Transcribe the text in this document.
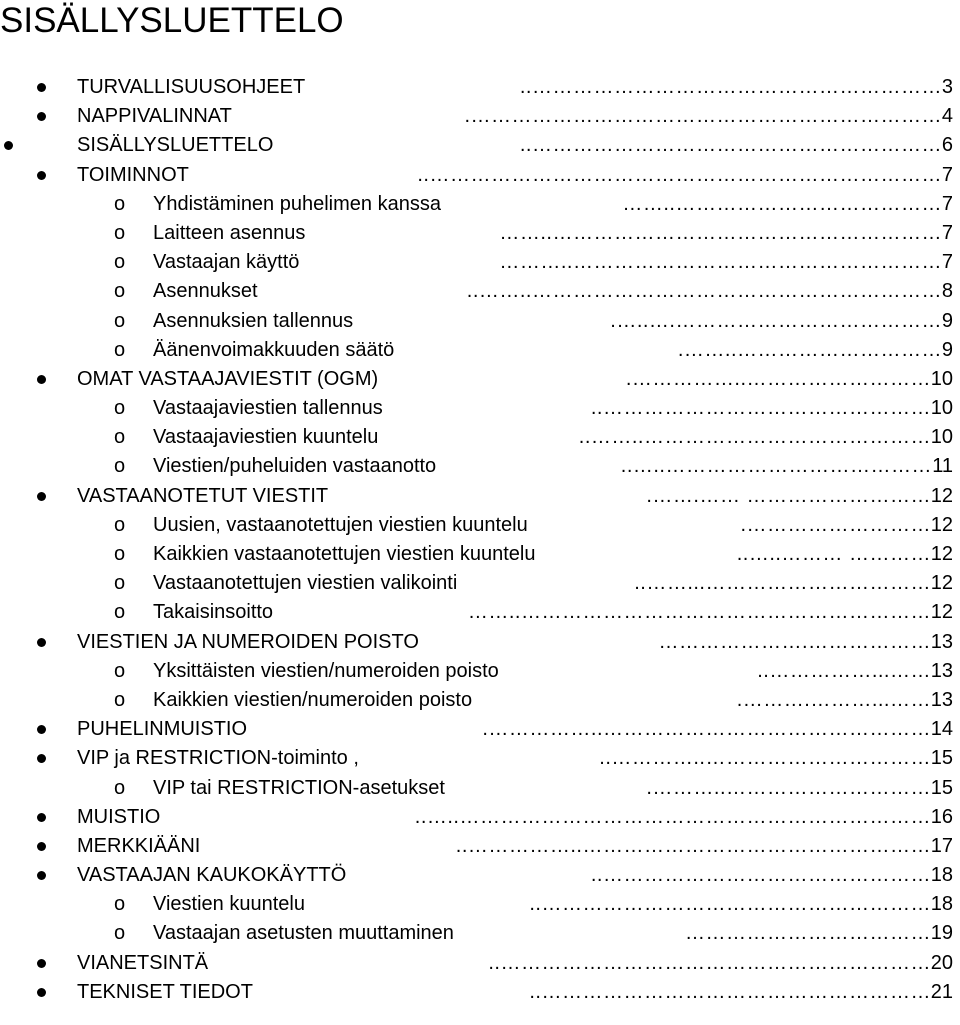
SISÄLLYSLUETTELO
TURVALLISUUSOHJEET	…………………………………………………….. 3
NAPPIVALINNAT	……………………………………………………………. 4
SISÄLLYSLUETTELO	…………………………………………………….. 6
TOIMINNOT	………………………………………………………………….. 7
o Yhdistäminen puhelimen kanssa	…………………………………..…… 7
o Laitteen asennus	…………………………………………………..…… 7
o Vastaajan käyttö	………………………………………………..……… 7
o Asennukset	……………………………………………………..…….. 8
o Asennuksien tallennus	………………………………….…..…. 9
o Äänenvoimakkuuden säätö	…………………………..……. 9
OMAT VASTAAJAVIESTIT (OGM)	………………………..……………. 10
o Vastaajaviestien tallennus	………………………………………….. 10
o Vastaajaviestien kuuntelu	……………………………………..…….. 10
o Viestien/puheluiden vastaanotto	…………………………………..….. 11
VASTAANOTETUT VIESTIT	……………………… …….……. 12
o Uusien, vastaanotettujen viestien kuuntelu	………………………. 12
o Kaikkien vastaanotettujen viestien kuuntelu	………… ………..….. 12
o Vastaanotettujen viestien valikointi	……………………………...…….. 12
o Takaisinsoitto	……………………………………………………..…… 12
VIESTIEN JA NUMEROIDEN POISTO	……………….………………… 13
o Yksittäisten viestien/numeroiden poisto	……...…………….. 13
o Kaikkien viestien/numeroiden poisto	……...……….………. 13
PUHELINMUISTIO	…………………………………………..……………. 14
VIP ja RESTRICTION-toiminto ,	……………………………..………….. 15
o VIP tai RESTRICTION-asetukset	…………………………..………. 15
MUISTIO	……………………………………………………………..….. 16
MERKKIÄÄNI	……………………………………………..…………….. 17
VASTAAJAN KAUKOKÄYTTÖ	………………………………………….. 18
o Viestien kuuntelu	………………………………………………….. 18
o Vastaajan asetusten muuttaminen	……………………………… 19
VIANETSINTÄ	……………………………………………………….. 20
TEKNISET TIEDOT	………………………………………………….. 21
